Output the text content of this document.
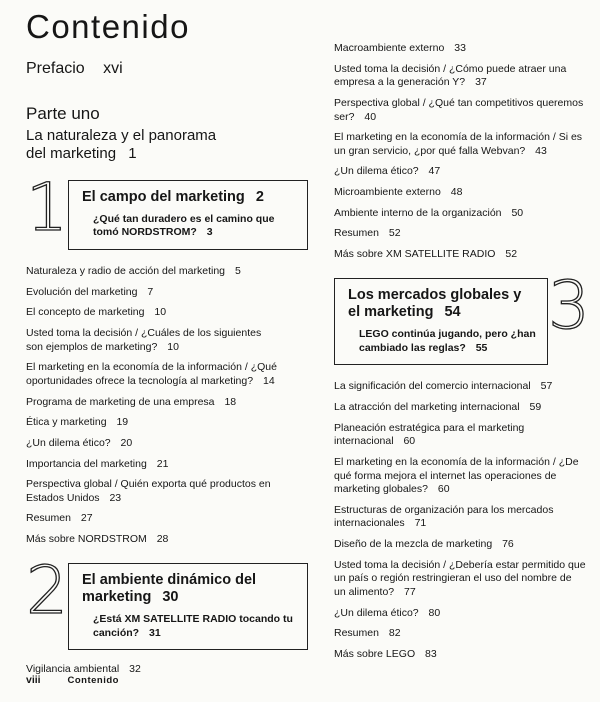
Contenido
Prefacio xvi
Parte uno
La naturaleza y el panorama del marketing 1
1 El campo del marketing 2
¿Qué tan duradero es el camino que tomó NORDSTROM? 3
Naturaleza y radio de acción del marketing 5
Evolución del marketing 7
El concepto de marketing 10
Usted toma la decisión / ¿Cuáles de los siguientes son ejemplos de marketing? 10
El marketing en la economía de la información / ¿Qué oportunidades ofrece la tecnología al marketing? 14
Programa de marketing de una empresa 18
Ética y marketing 19
¿Un dilema ético? 20
Importancia del marketing 21
Perspectiva global / Quién exporta qué productos en Estados Unidos 23
Resumen 27
Más sobre NORDSTROM 28
2 El ambiente dinámico del marketing 30
¿Está XM SATELLITE RADIO tocando tu canción? 31
Vigilancia ambiental 32
Macroambiente externo 33
Usted toma la decisión / ¿Cómo puede atraer una empresa a la generación Y? 37
Perspectiva global / ¿Qué tan competitivos queremos ser? 40
El marketing en la economía de la información / Si es un gran servicio, ¿por qué falla Webvan? 43
¿Un dilema ético? 47
Microambiente externo 48
Ambiente interno de la organización 50
Resumen 52
Más sobre XM SATELLITE RADIO 52
Los mercados globales y el marketing 54
LEGO continúa jugando, pero ¿han cambiado las reglas? 55
3
La significación del comercio internacional 57
La atracción del marketing internacional 59
Planeación estratégica para el marketing internacional 60
El marketing en la economía de la información / ¿De qué forma mejora el internet las operaciones de marketing globales? 60
Estructuras de organización para los mercados internacionales 71
Diseño de la mezcla de marketing 76
Usted toma la decisión / ¿Debería estar permitido que un país o región restringieran el uso del nombre de un alimento? 77
¿Un dilema ético? 80
Resumen 82
Más sobre LEGO 83
viii	Contenido
